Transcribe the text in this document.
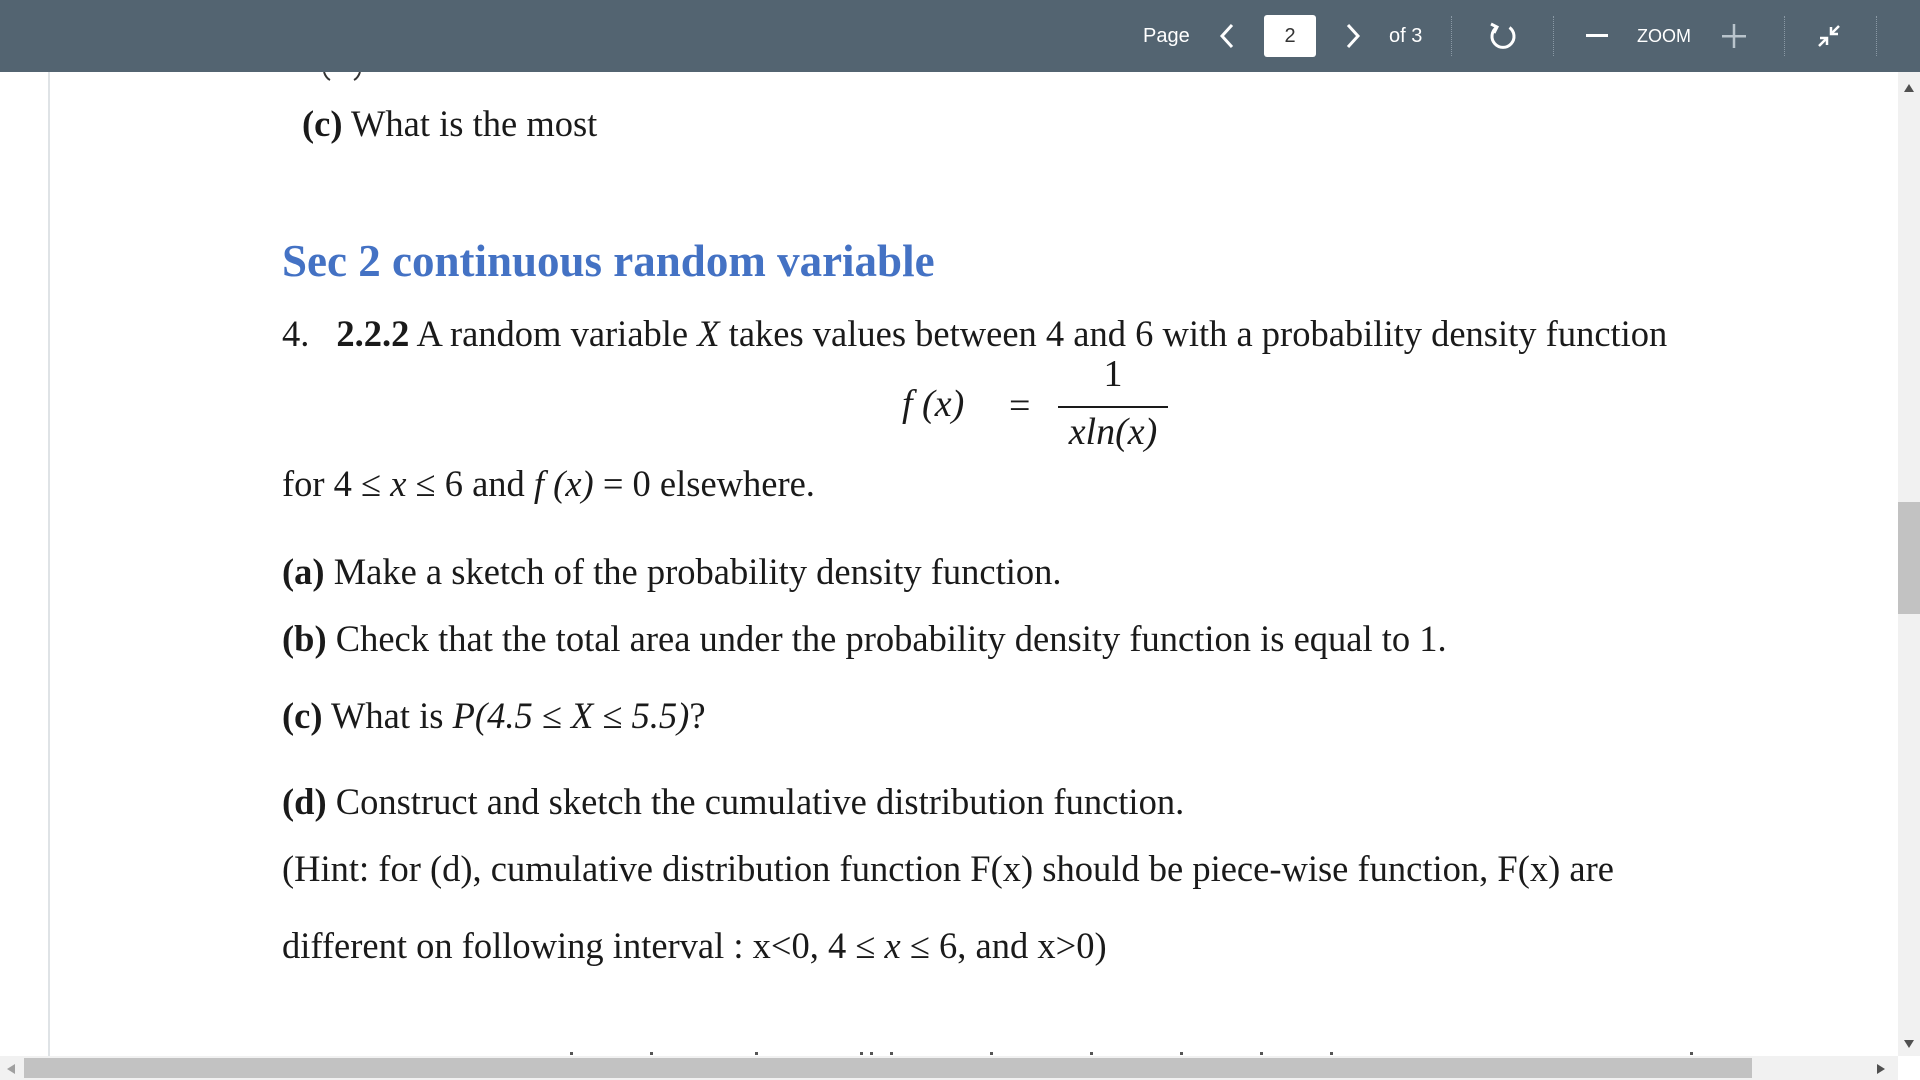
Page
2	of 3	ZOOM
(c) What is the most
Sec 2 continuous random variable
4. 2.2.2 A random variable X takes values between 4 and 6 with a probability density function
f (x) =
1
xln(x)
for 4 ≤ x ≤ 6 and f (x) = 0 elsewhere.
(a) Make a sketch of the probability density function.
(b) Check that the total area under the probability density function is equal to 1.
(c) What is P(4.5 ≤ X ≤ 5.5)?
(d) Construct and sketch the cumulative distribution function.
(Hint: for (d), cumulative distribution function F(x) should be piece-wise function, F(x) are
different on following interval : x<0, 4 ≤ x ≤ 6, and x>0)
